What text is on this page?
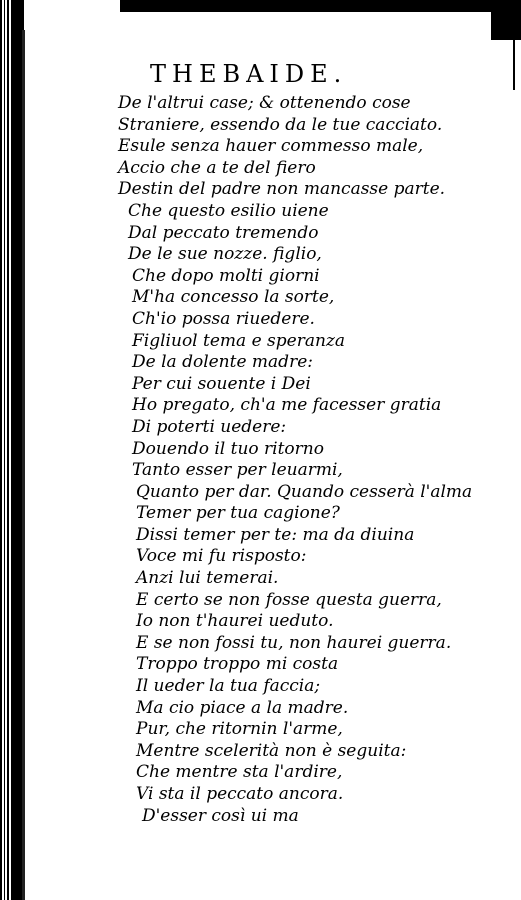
THEBAIDE.
De l'altrui case; & ottenendo cose
Straniere, essendo da le tue cacciato.
Esule senza hauer commesso male,
Accio che a te del fiero
Destin del padre non mancasse parte.
Che questo esilio uiene
Dal peccato tremendo
De le sue nozze. figlio,
Che dopo molti giorni
M'ha concesso la sorte,
Ch'io possa riuedere.
Figliuol tema e speranza
De la dolente madre:
Per cui souente i Dei
Ho pregato, ch'a me facesser gratia
Di poterti uedere:
Douendo il tuo ritorno
Tanto esser per leuarmi,
Quanto per dar. Quando cesserà l'alma
Temer per tua cagione?
Dissi temer per te: ma da diuina
Voce mi fu risposto:
Anzi lui temerai.
E certo se non fosse questa guerra,
Io non t'haurei ueduto.
E se non fossi tu, non haurei guerra.
Troppo troppo mi costa
Il ueder la tua faccia;
Ma cio piace a la madre.
Pur, che ritornin l'arme,
Mentre scelerità non è seguita:
Che mentre sta l'ardire,
Vi sta il peccato ancora.
D'esser così ui ma
